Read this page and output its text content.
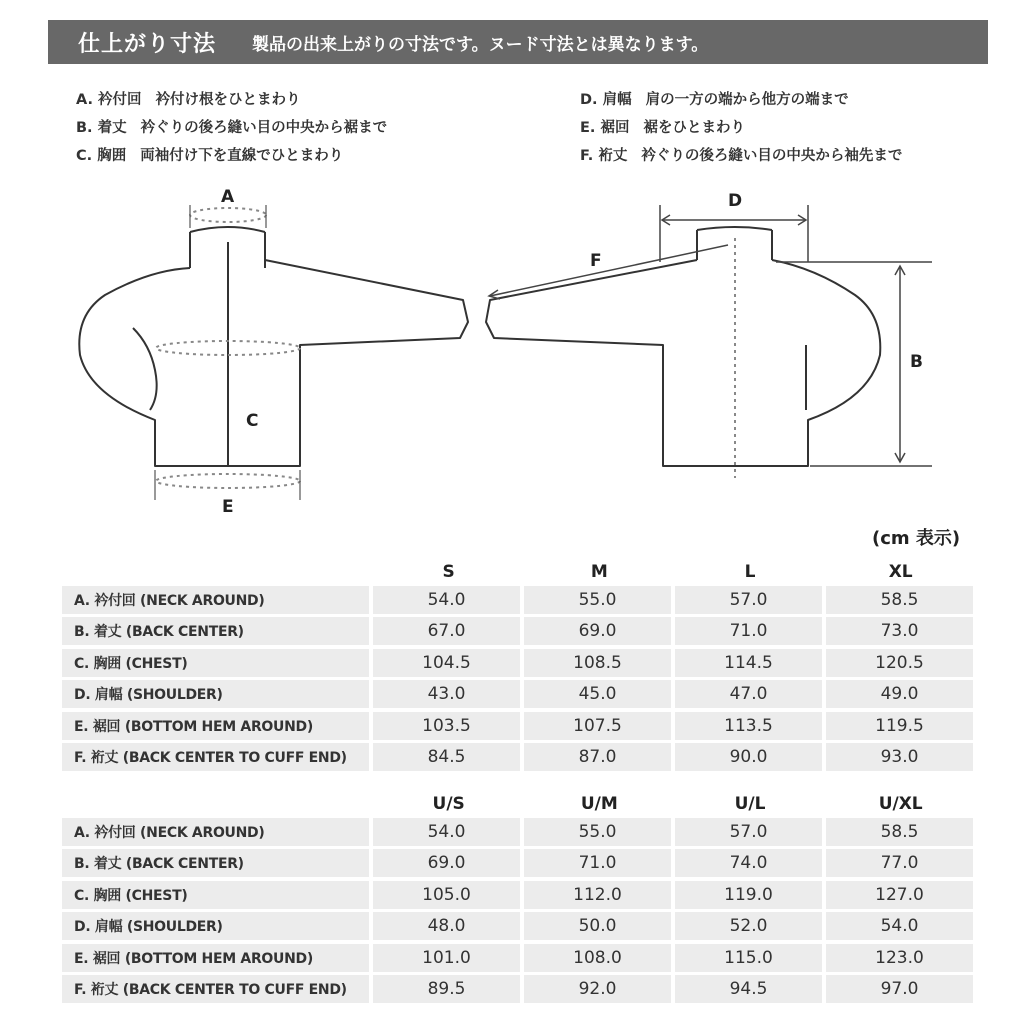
仕上がり寸法 製品の出来上がりの寸法です。ヌード寸法とは異なります。
A. 衿付回 衿付け根をひとまわり
B. 着丈 衿ぐりの後ろ縫い目の中央から裾まで
C. 胸囲 両袖付け下を直線でひとまわり
D. 肩幅 肩の一方の端から他方の端まで
E. 裾回 裾をひとまわり
F. 裄丈 衿ぐりの後ろ縫い目の中央から袖先まで
A
C
E
D
F
B
(cm 表示)
S	M	L	XL
A. 衿付回 (NECK AROUND)	54.0	55.0	57.0	58.5
B. 着丈 (BACK CENTER)	67.0	69.0	71.0	73.0
C. 胸囲 (CHEST)	104.5	108.5	114.5	120.5
D. 肩幅 (SHOULDER)	43.0	45.0	47.0	49.0
E. 裾回 (BOTTOM HEM AROUND)	103.5	107.5	113.5	119.5
F. 裄丈 (BACK CENTER TO CUFF END)	84.5	87.0	90.0	93.0
U/S	U/M	U/L	U/XL
A. 衿付回 (NECK AROUND)	54.0	55.0	57.0	58.5
B. 着丈 (BACK CENTER)	69.0	71.0	74.0	77.0
C. 胸囲 (CHEST)	105.0	112.0	119.0	127.0
D. 肩幅 (SHOULDER)	48.0	50.0	52.0	54.0
E. 裾回 (BOTTOM HEM AROUND)	101.0	108.0	115.0	123.0
F. 裄丈 (BACK CENTER TO CUFF END)	89.5	92.0	94.5	97.0
